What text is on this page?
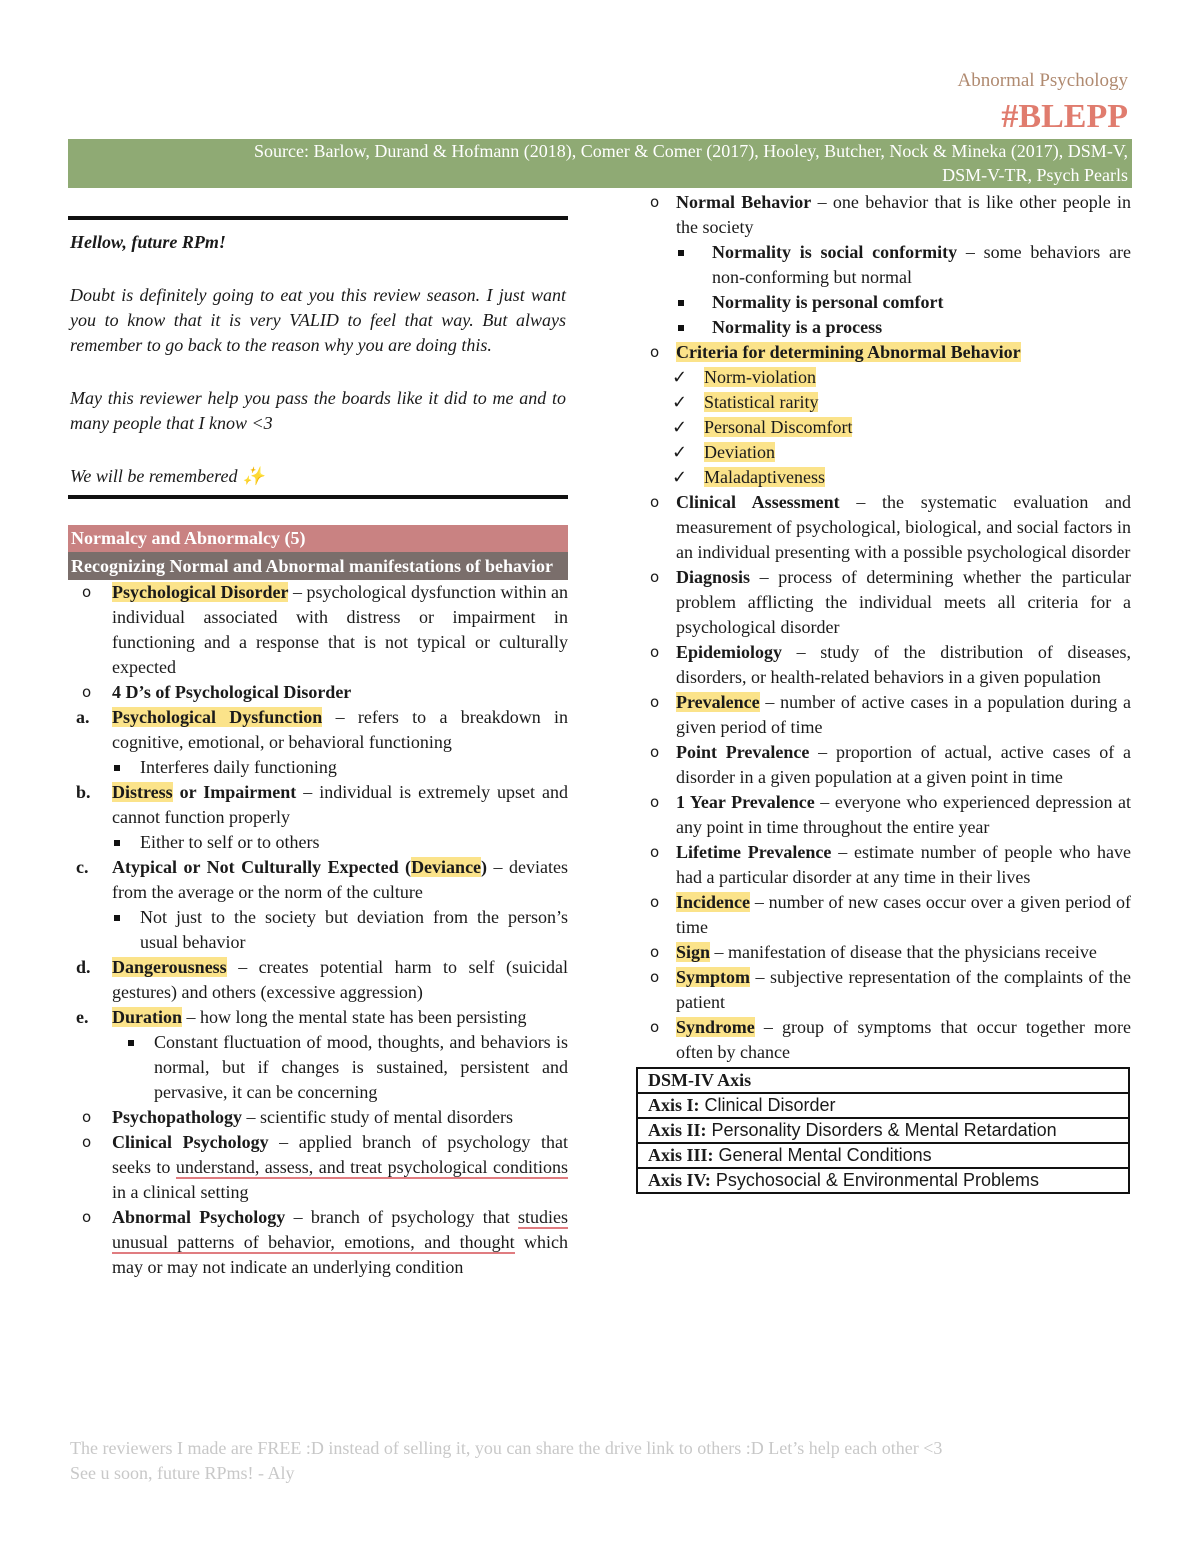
Abnormal Psychology
#BLEPP
Source: Barlow, Durand & Hofmann (2018), Comer & Comer (2017), Hooley, Butcher, Nock & Mineka (2017), DSM-V,
DSM-V-TR, Psych Pearls

Hellow, future RPm!

Doubt is definitely going to eat you this review season. I just want you to know that it is very VALID to feel that way. But always remember to go back to the reason why you are doing this.

May this reviewer help you pass the boards like it did to me and to many people that I know <3

We will be remembered ✨

Normalcy and Abnormalcy (5)
Recognizing Normal and Abnormal manifestations of behavior
o Psychological Disorder – psychological dysfunction within an individual associated with distress or impairment in functioning and a response that is not typical or culturally expected
o 4 D’s of Psychological Disorder
a. Psychological Dysfunction – refers to a breakdown in cognitive, emotional, or behavioral functioning
Interferes daily functioning
b. Distress or Impairment – individual is extremely upset and cannot function properly
Either to self or to others
c. Atypical or Not Culturally Expected (Deviance) – deviates from the average or the norm of the culture
Not just to the society but deviation from the person’s usual behavior
d. Dangerousness – creates potential harm to self (suicidal gestures) and others (excessive aggression)
e. Duration – how long the mental state has been persisting
Constant fluctuation of mood, thoughts, and behaviors is normal, but if changes is sustained, persistent and pervasive, it can be concerning
o Psychopathology – scientific study of mental disorders
o Clinical Psychology – applied branch of psychology that seeks to understand, assess, and treat psychological conditions in a clinical setting
o Abnormal Psychology – branch of psychology that studies unusual patterns of behavior, emotions, and thought which may or may not indicate an underlying condition
o Normal Behavior – one behavior that is like other people in the society
Normality is social conformity – some behaviors are non-conforming but normal
Normality is personal comfort
Normality is a process
o Criteria for determining Abnormal Behavior
✓ Norm-violation
✓ Statistical rarity
✓ Personal Discomfort
✓ Deviation
✓ Maladaptiveness
o Clinical Assessment – the systematic evaluation and measurement of psychological, biological, and social factors in an individual presenting with a possible psychological disorder
o Diagnosis – process of determining whether the particular problem afflicting the individual meets all criteria for a psychological disorder
o Epidemiology – study of the distribution of diseases, disorders, or health-related behaviors in a given population
o Prevalence – number of active cases in a population during a given period of time
o Point Prevalence – proportion of actual, active cases of a disorder in a given population at a given point in time
o 1 Year Prevalence – everyone who experienced depression at any point in time throughout the entire year
o Lifetime Prevalence – estimate number of people who have had a particular disorder at any time in their lives
o Incidence – number of new cases occur over a given period of time
o Sign – manifestation of disease that the physicians receive
o Symptom – subjective representation of the complaints of the patient
o Syndrome – group of symptoms that occur together more often by chance
DSM-IV Axis
Axis I: Clinical Disorder
Axis II: Personality Disorders & Mental Retardation
Axis III: General Mental Conditions
Axis IV: Psychosocial & Environmental Problems
The reviewers I made are FREE :D instead of selling it, you can share the drive link to others :D Let’s help each other <3
See u soon, future RPms! - Aly
